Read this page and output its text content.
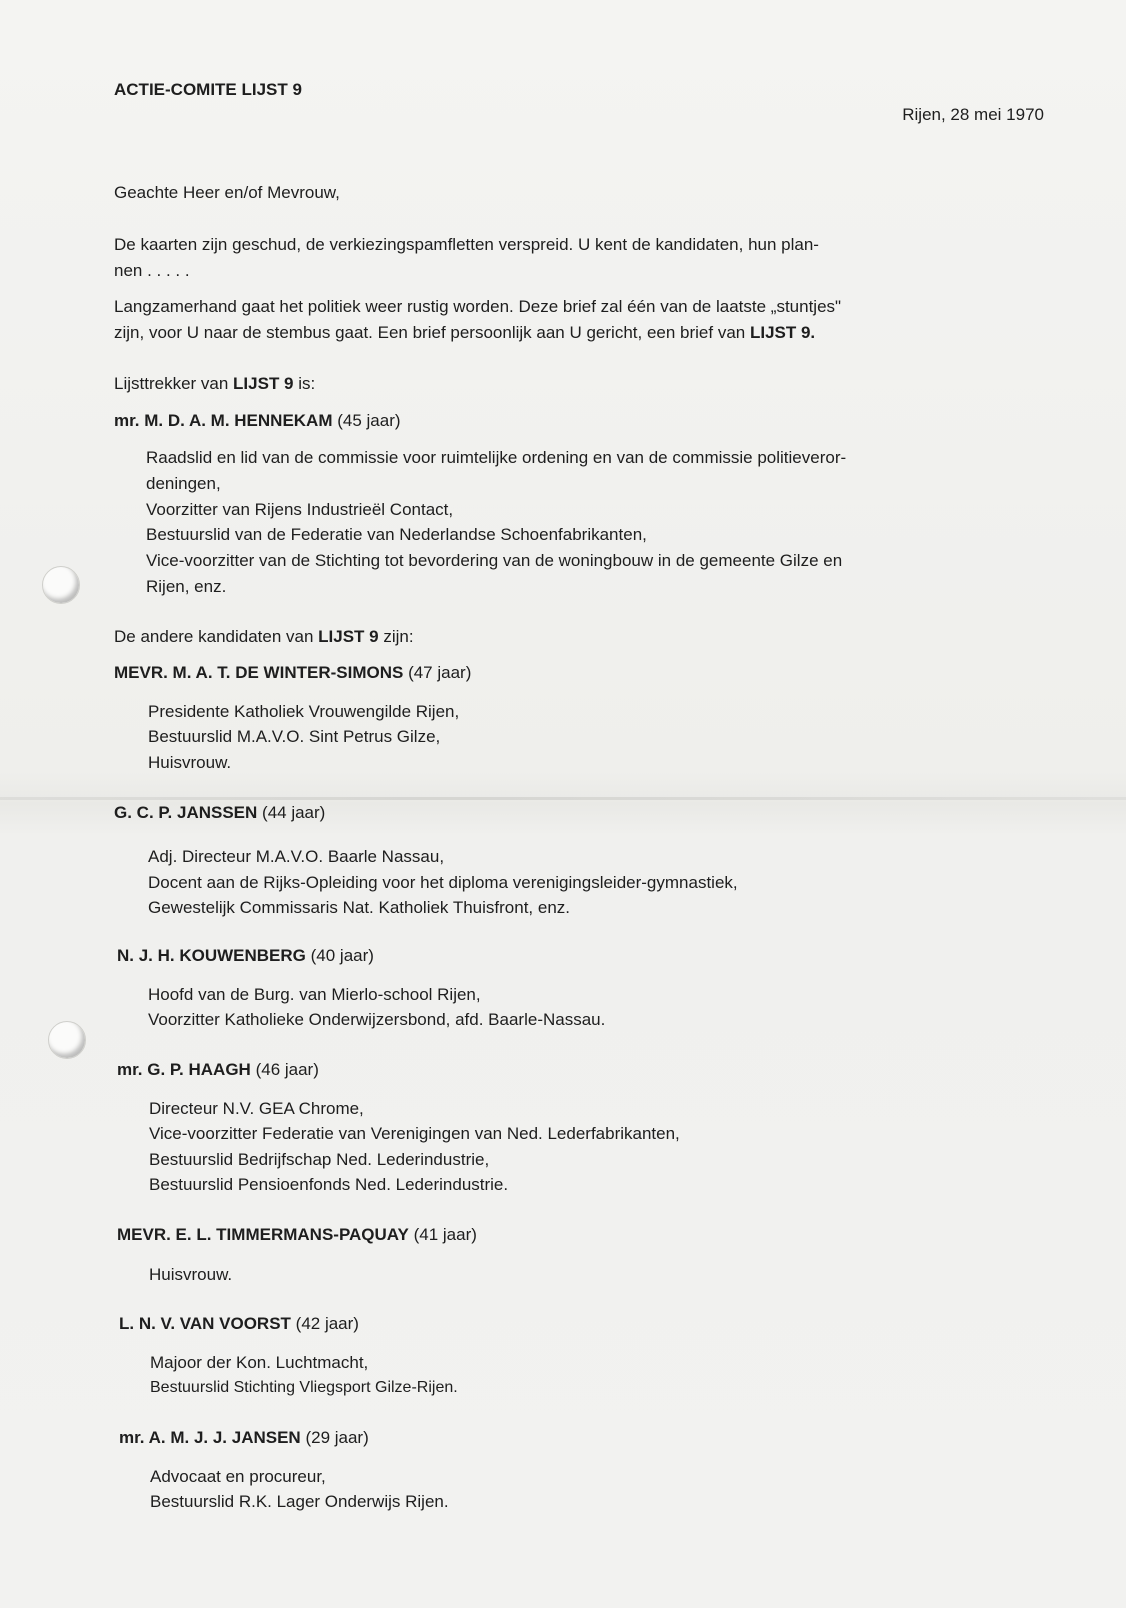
ACTIE-COMITE LIJST 9
Rijen, 28 mei 1970
Geachte Heer en/of Mevrouw,
De kaarten zijn geschud, de verkiezingspamfletten verspreid. U kent de kandidaten, hun plan-
nen . . . . .
Langzamerhand gaat het politiek weer rustig worden. Deze brief zal één van de laatste „stuntjes"
zijn, voor U naar de stembus gaat. Een brief persoonlijk aan U gericht, een brief van LIJST 9.
Lijsttrekker van LIJST 9 is:
mr. M. D. A. M. HENNEKAM (45 jaar)
Raadslid en lid van de commissie voor ruimtelijke ordening en van de commissie politieveror-
deningen,
Voorzitter van Rijens Industrieël Contact,
Bestuurslid van de Federatie van Nederlandse Schoenfabrikanten,
Vice-voorzitter van de Stichting tot bevordering van de woningbouw in de gemeente Gilze en
Rijen, enz.
De andere kandidaten van LIJST 9 zijn:
MEVR. M. A. T. DE WINTER-SIMONS (47 jaar)
Presidente Katholiek Vrouwengilde Rijen,
Bestuurslid M.A.V.O. Sint Petrus Gilze,
Huisvrouw.
G. C. P. JANSSEN (44 jaar)
Adj. Directeur M.A.V.O. Baarle Nassau,
Docent aan de Rijks-Opleiding voor het diploma verenigingsleider-gymnastiek,
Gewestelijk Commissaris Nat. Katholiek Thuisfront, enz.
N. J. H. KOUWENBERG (40 jaar)
Hoofd van de Burg. van Mierlo-school Rijen,
Voorzitter Katholieke Onderwijzersbond, afd. Baarle-Nassau.
mr. G. P. HAAGH (46 jaar)
Directeur N.V. GEA Chrome,
Vice-voorzitter Federatie van Verenigingen van Ned. Lederfabrikanten,
Bestuurslid Bedrijfschap Ned. Lederindustrie,
Bestuurslid Pensioenfonds Ned. Lederindustrie.
MEVR. E. L. TIMMERMANS-PAQUAY (41 jaar)
Huisvrouw.
L. N. V. VAN VOORST (42 jaar)
Majoor der Kon. Luchtmacht,
Bestuurslid Stichting Vliegsport Gilze-Rijen.
mr. A. M. J. J. JANSEN (29 jaar)
Advocaat en procureur,
Bestuurslid R.K. Lager Onderwijs Rijen.
